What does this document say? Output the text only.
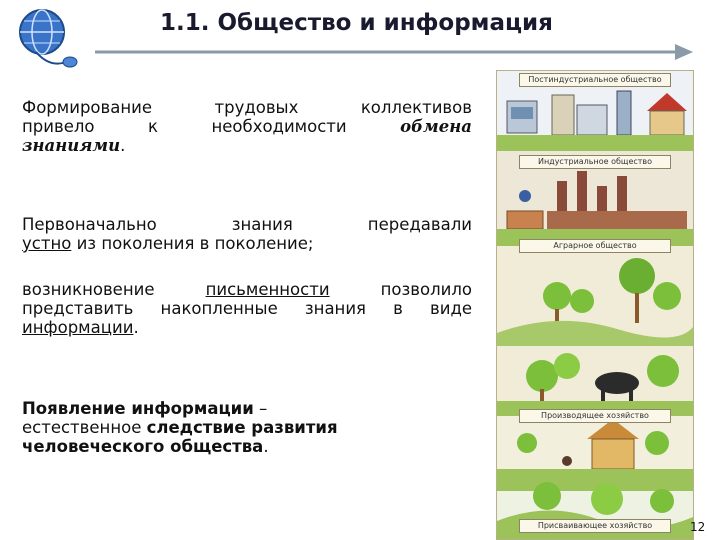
1.1. Общество и информация
Формирование	трудовых	коллективов
привело	к	необходимости	обмена
знаниями.
Первоначально	знания	передавали
устно из поколения в поколение;
возникновение письменности позволило представить накопленные знания в виде информации.
Появление информации –
естественное следствие развития
человеческого общества.
Постиндустриальное общество
Индустриальное общество
Аграрное общество
Производящее хозяйство
Присваивающее хозяйство	12
